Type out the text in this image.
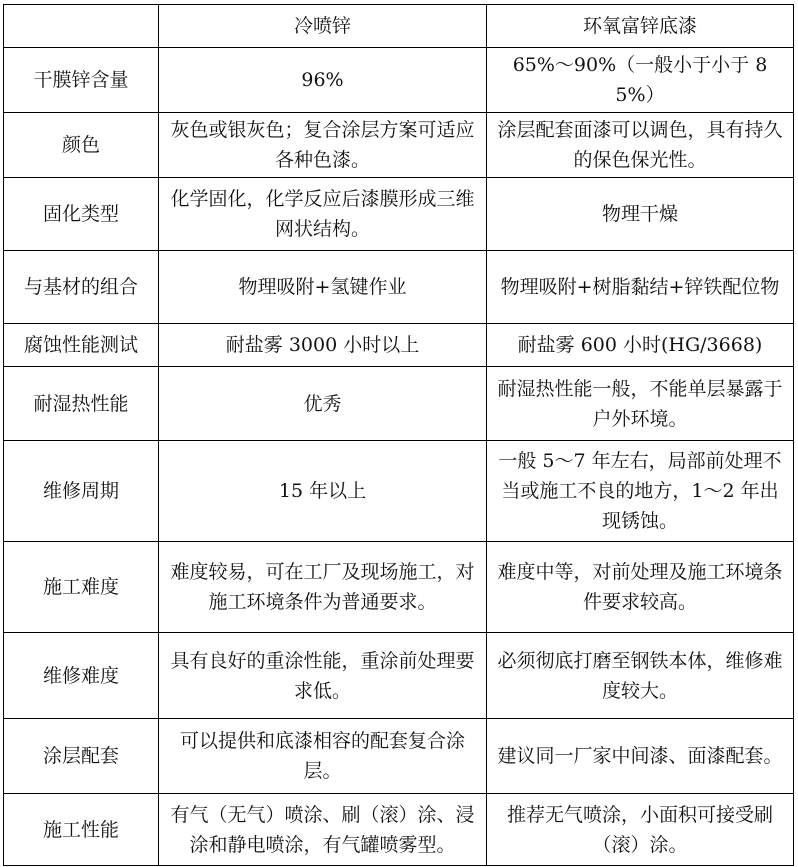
	冷喷锌	环氧富锌底漆
干膜锌含量	96%	65%～90%（一般小于小于 85%）
颜色	灰色或银灰色；复合涂层方案可适应各种色漆。	涂层配套面漆可以调色，具有持久的保色保光性。
固化类型	化学固化，化学反应后漆膜形成三维网状结构。	物理干燥
与基材的组合	物理吸附+氢键作业	物理吸附+树脂黏结+锌铁配位物
腐蚀性能测试	耐盐雾 3000 小时以上	耐盐雾 600 小时(HG/3668)
耐湿热性能	优秀	耐湿热性能一般，不能单层暴露于户外环境。
维修周期	15 年以上	一般 5～7 年左右，局部前处理不当或施工不良的地方，1～2 年出现锈蚀。
施工难度	难度较易，可在工厂及现场施工，对施工环境条件为普通要求。	难度中等，对前处理及施工环境条件要求较高。
维修难度	具有良好的重涂性能，重涂前处理要求低。	必须彻底打磨至钢铁本体，维修难度较大。
涂层配套	可以提供和底漆相容的配套复合涂层。	建议同一厂家中间漆、面漆配套。
施工性能	有气（无气）喷涂、刷（滚）涂、浸涂和静电喷涂，有气罐喷雾型。	推荐无气喷涂，小面积可接受刷（滚）涂。
